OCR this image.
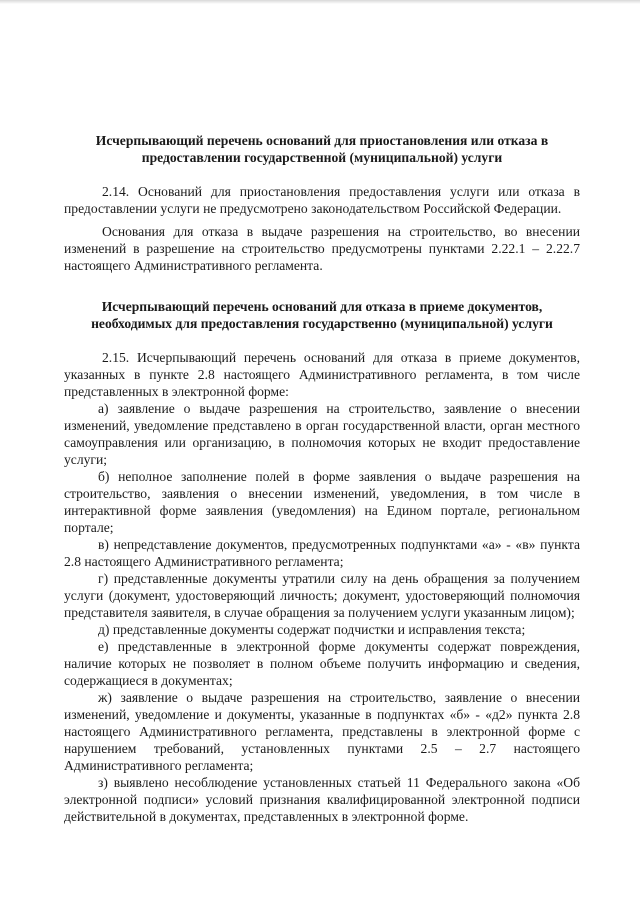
Исчерпывающий перечень оснований для приостановления или отказа в предоставлении государственной (муниципальной) услуги

2.14. Оснований для приостановления предоставления услуги или отказа в предоставлении услуги не предусмотрено законодательством Российской Федерации.

Основания для отказа в выдаче разрешения на строительство, во внесении изменений в разрешение на строительство предусмотрены пунктами 2.22.1 – 2.22.7 настоящего Административного регламента.

Исчерпывающий перечень оснований для отказа в приеме документов, необходимых для предоставления государственно (муниципальной) услуги

2.15. Исчерпывающий перечень оснований для отказа в приеме документов, указанных в пункте 2.8 настоящего Административного регламента, в том числе представленных в электронной форме:

а) заявление о выдаче разрешения на строительство, заявление о внесении изменений, уведомление представлено в орган государственной власти, орган местного самоуправления или организацию, в полномочия которых не входит предоставление услуги;

б) неполное заполнение полей в форме заявления о выдаче разрешения на строительство, заявления о внесении изменений, уведомления, в том числе в интерактивной форме заявления (уведомления) на Едином портале, региональном портале;

в) непредставление документов, предусмотренных подпунктами «а» - «в» пункта 2.8 настоящего Административного регламента;

г) представленные документы утратили силу на день обращения за получением услуги (документ, удостоверяющий личность; документ, удостоверяющий полномочия представителя заявителя, в случае обращения за получением услуги указанным лицом);

д) представленные документы содержат подчистки и исправления текста;

е) представленные в электронной форме документы содержат повреждения, наличие которых не позволяет в полном объеме получить информацию и сведения, содержащиеся в документах;

ж) заявление о выдаче разрешения на строительство, заявление о внесении изменений, уведомление и документы, указанные в подпунктах «б» - «д2» пункта 2.8 настоящего Административного регламента, представлены в электронной форме с нарушением требований, установленных пунктами 2.5 – 2.7 настоящего Административного регламента;

з) выявлено несоблюдение установленных статьей 11 Федерального закона «Об электронной подписи» условий признания квалифицированной электронной подписи действительной в документах, представленных в электронной форме.
